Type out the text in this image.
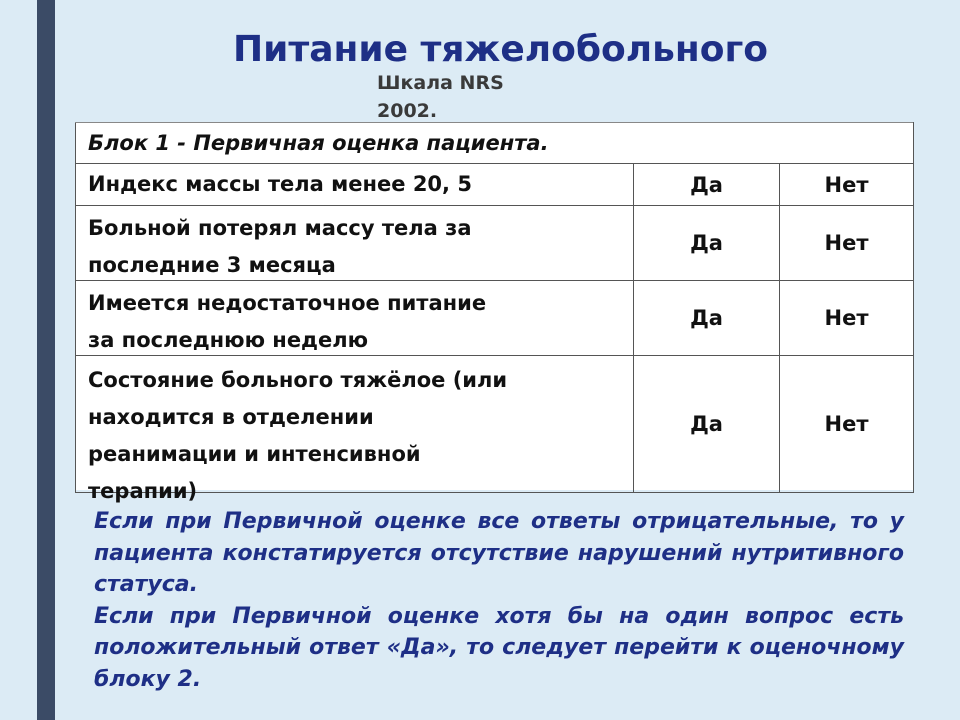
Питание тяжелобольного
Шкала NRS
2002.
Блок 1 - Первичная оценка пациента.		

Индекс массы тела менее 20, 5	Да	Нет

Больной потерял массу тела за
последние 3 месяца	Да	Нет

Имеется недостаточное питание
за последнюю неделю	Да	Нет

Состояние больного тяжёлое (или
находится в отделении
реанимации и интенсивной
терапии)	Да	Нет

Если при Первичной оценке все ответы отрицательные, то у пациента констатируется отсутствие нарушений нутритивного статуса.

Если при Первичной оценке хотя бы на один вопрос есть положительный ответ «Да», то следует перейти к оценочному блоку 2.
